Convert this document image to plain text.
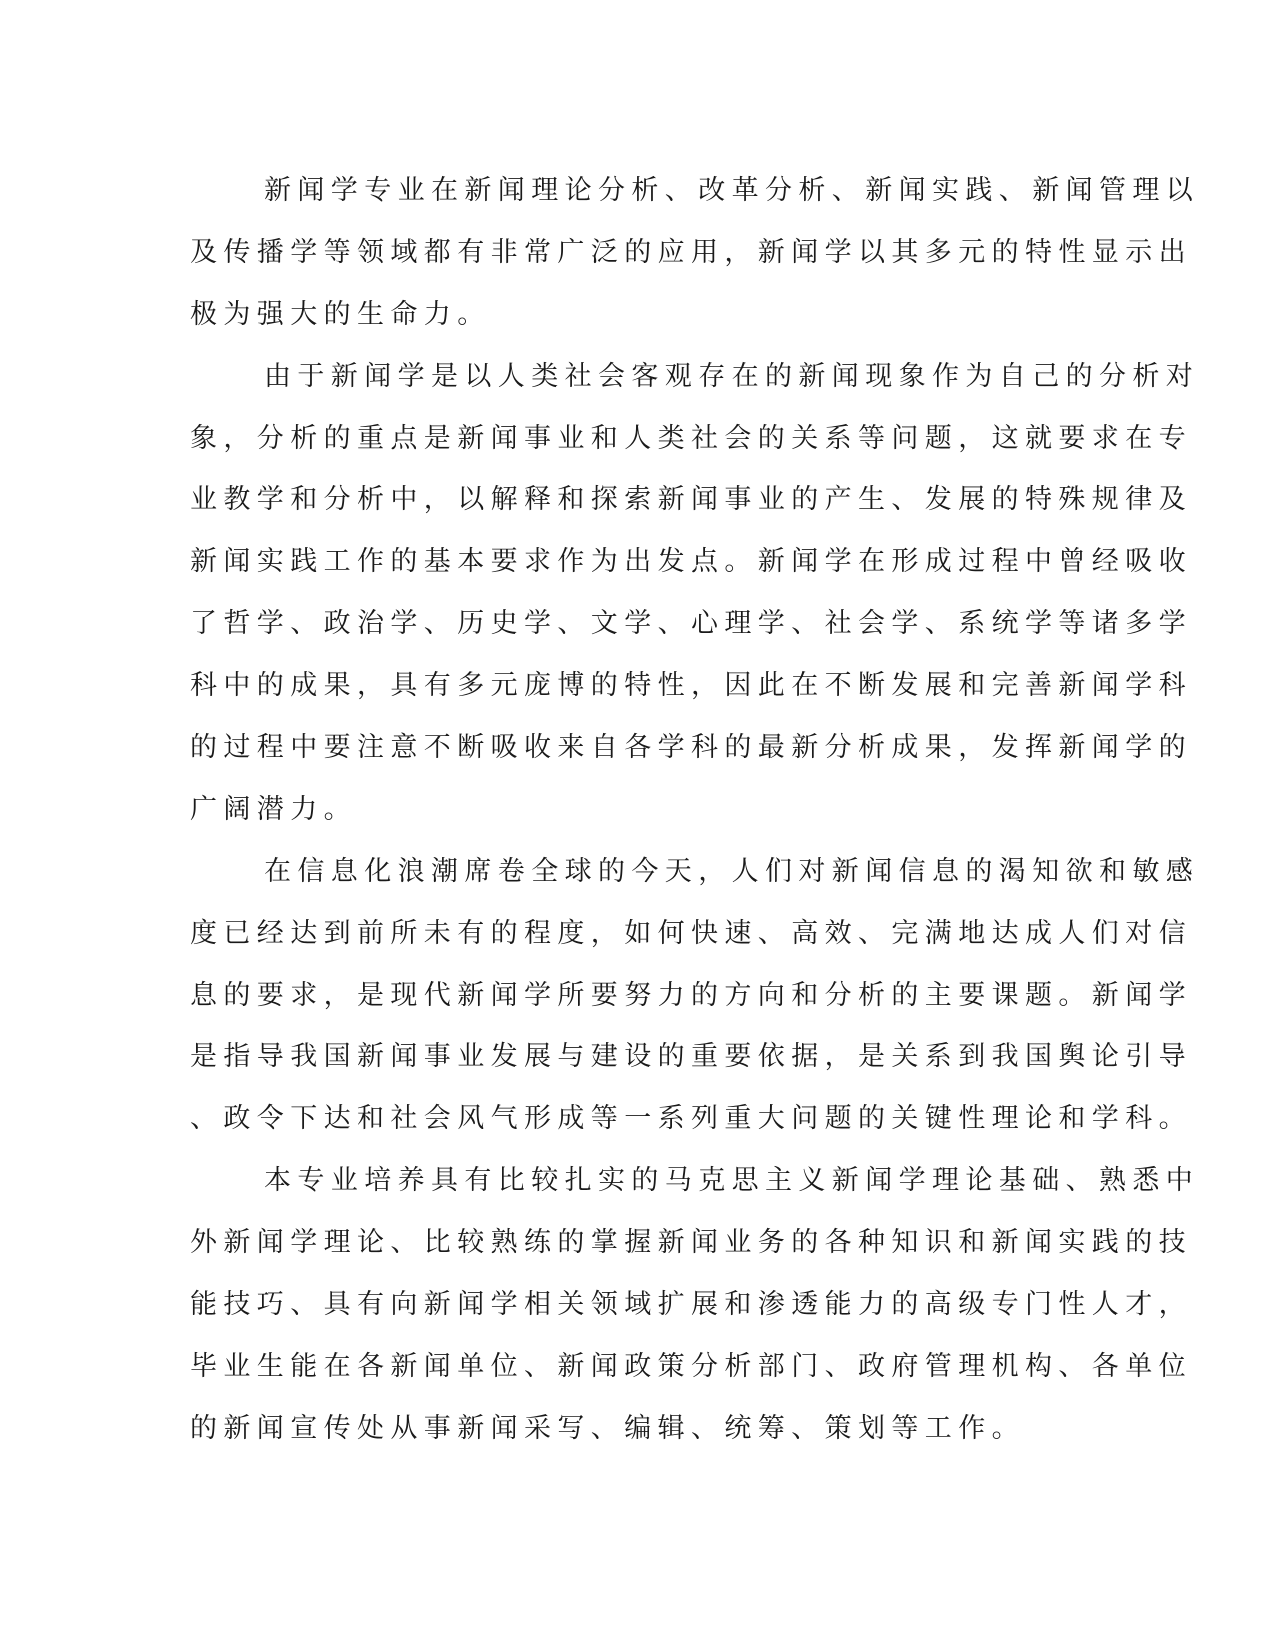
新闻学专业在新闻理论分析、改革分析、新闻实践、新闻管理以
及传播学等领域都有非常广泛的应用，新闻学以其多元的特性显示出
极为强大的生命力。
由于新闻学是以人类社会客观存在的新闻现象作为自己的分析对
象，分析的重点是新闻事业和人类社会的关系等问题，这就要求在专
业教学和分析中，以解释和探索新闻事业的产生、发展的特殊规律及
新闻实践工作的基本要求作为出发点。新闻学在形成过程中曾经吸收
了哲学、政治学、历史学、文学、心理学、社会学、系统学等诸多学
科中的成果，具有多元庞博的特性，因此在不断发展和完善新闻学科
的过程中要注意不断吸收来自各学科的最新分析成果，发挥新闻学的
广阔潜力。
在信息化浪潮席卷全球的今天，人们对新闻信息的渴知欲和敏感
度已经达到前所未有的程度，如何快速、高效、完满地达成人们对信
息的要求，是现代新闻学所要努力的方向和分析的主要课题。新闻学
是指导我国新闻事业发展与建设的重要依据，是关系到我国舆论引导
、政令下达和社会风气形成等一系列重大问题的关键性理论和学科。
本专业培养具有比较扎实的马克思主义新闻学理论基础、熟悉中
外新闻学理论、比较熟练的掌握新闻业务的各种知识和新闻实践的技
能技巧、具有向新闻学相关领域扩展和渗透能力的高级专门性人才，
毕业生能在各新闻单位、新闻政策分析部门、政府管理机构、各单位
的新闻宣传处从事新闻采写、编辑、统筹、策划等工作。
